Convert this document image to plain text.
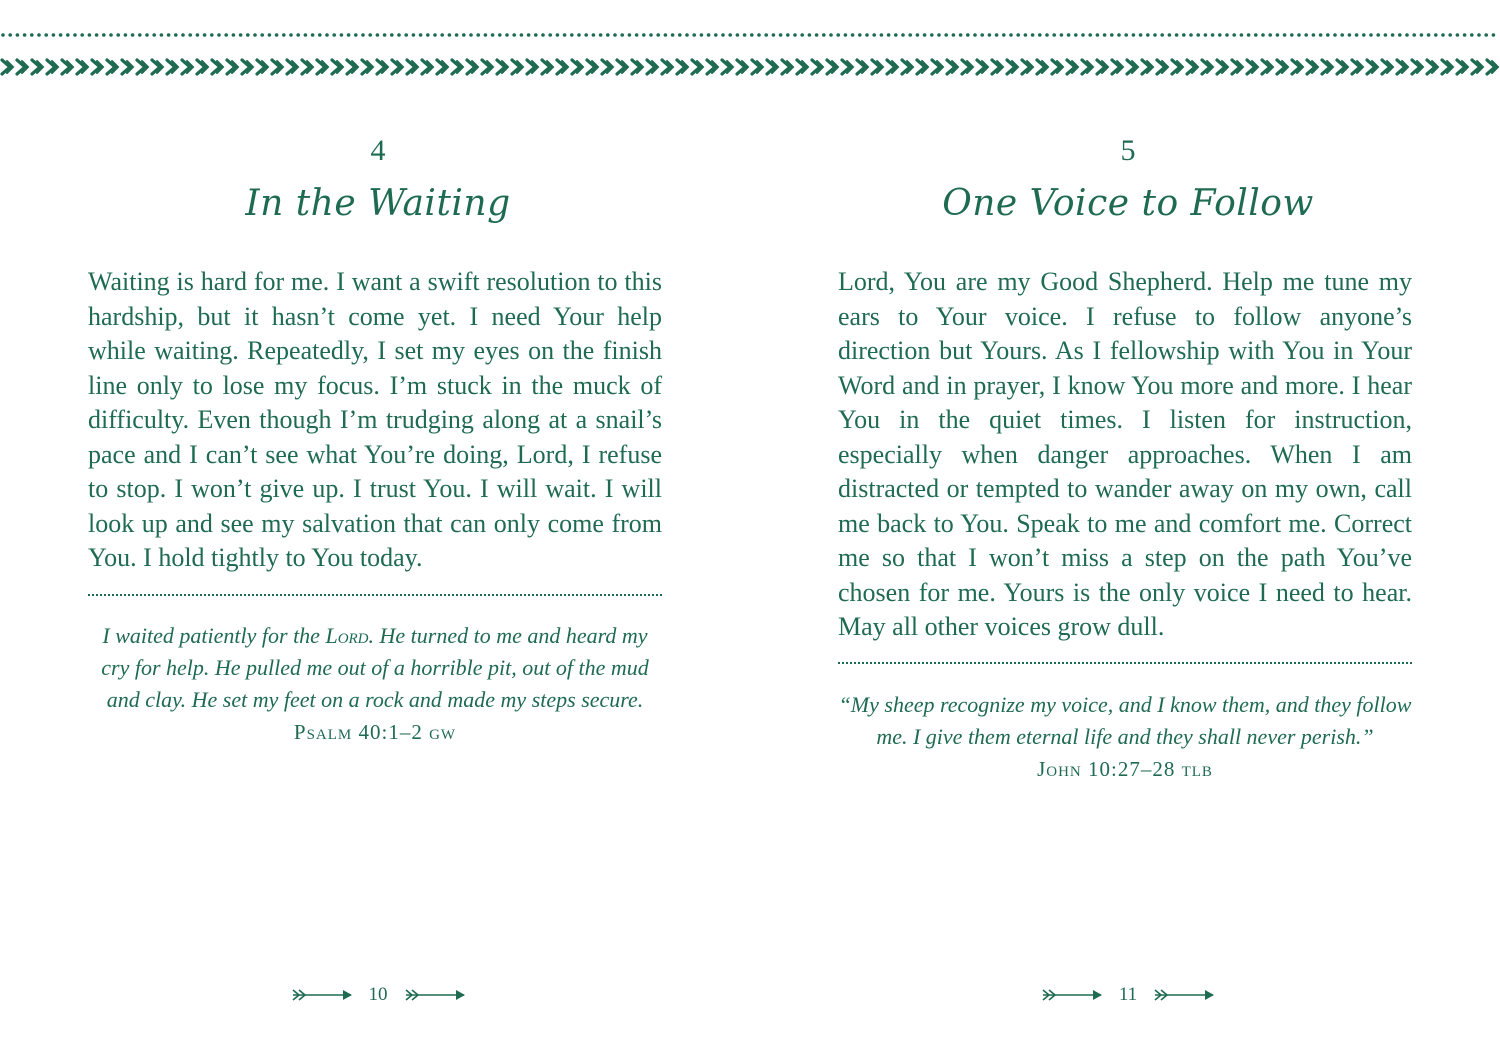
4
In the Waiting
Waiting is hard for me. I want a swift resolution to this hardship, but it hasn’t come yet. I need Your help while waiting. Repeatedly, I set my eyes on the finish line only to lose my focus. I’m stuck in the muck of difficulty. Even though I’m trudging along at a snail’s pace and I can’t see what You’re doing, Lord, I refuse to stop. I won’t give up. I trust You. I will wait. I will look up and see my salvation that can only come from You. I hold tightly to You today.

I waited patiently for the Lord. He turned to me and heard my cry for help. He pulled me out of a horrible pit, out of the mud and clay. He set my feet on a rock and made my steps secure.

Psalm 40:1–2 gw

10
5
One Voice to Follow
Lord, You are my Good Shepherd. Help me tune my ears to Your voice. I refuse to follow anyone’s direction but Yours. As I fellowship with You in Your Word and in prayer, I know You more and more. I hear You in the quiet times. I listen for instruction, especially when danger approaches. When I am distracted or tempted to wander away on my own, call me back to You. Speak to me and comfort me. Correct me so that I won’t miss a step on the path You’ve chosen for me. Yours is the only voice I need to hear. May all other voices grow dull.

“My sheep recognize my voice, and I know them, and they follow me. I give them eternal life and they shall never perish.”

John 10:27–28 tlb

11
